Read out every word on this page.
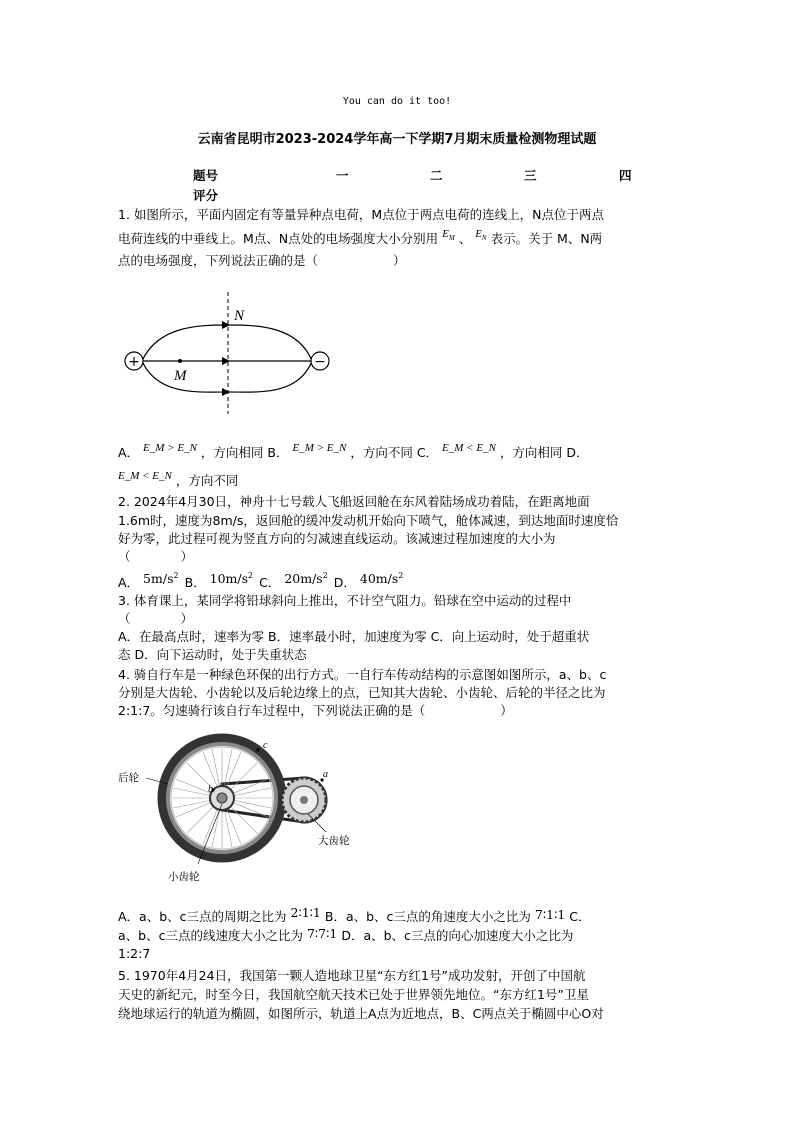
You can do it too!
云南省昆明市2023-2024学年高一下学期7月期末质量检测物理试题
题号	一	二	三	四
评分
1. 如图所示，平面内固定有等量异种点电荷，M点位于两点电荷的连线上，N点位于两点
电荷连线的中垂线上。M点、N点处的电场强度大小分别用 $E_M$ 、 $E_N$ 表示。关于 M、N两
点的电场强度，下列说法正确的是（　　　　　　）
+	−
M
N
A． E_M > E_N ，方向相同 B． E_M > E_N ，方向不同 C． E_M < E_N ，方向相同 D．
E_M < E_N ，方向不同
2. 2024年4月30日，神舟十七号载人飞船返回舱在东风着陆场成功着陆，在距离地面
1.6m时，速度为8m/s，返回舱的缓冲发动机开始向下喷气，舱体减速，到达地面时速度恰
好为零，此过程可视为竖直方向的匀减速直线运动。该减速过程加速度的大小为
（　　　　）
A． $5m/s^2$ B． $10m/s^2$ C． $20m/s^2$ D． $40m/s^2$
3. 体育课上，某同学将铅球斜向上推出，不计空气阻力。铅球在空中运动的过程中
（　　　　）
A．在最高点时，速率为零 B．速率最小时，加速度为零 C．向上运动时，处于超重状
态 D．向下运动时，处于失重状态
4. 骑自行车是一种绿色环保的出行方式。一自行车传动结构的示意图如图所示，a、b、c
分别是大齿轮、小齿轮以及后轮边缘上的点，已知其大齿轮、小齿轮、后轮的半径之比为
2:1:7。匀速骑行该自行车过程中，下列说法正确的是（　　　　　　）
b
a
c
后轮
大齿轮
小齿轮
A．a、b、c三点的周期之比为 2∶1∶1 B．a、b、c三点的角速度大小之比为 7∶1∶1 C．
a、b、c三点的线速度大小之比为 7∶7∶1 D．a、b、c三点的向心加速度大小之比为
1:2:7
5. 1970年4月24日，我国第一颗人造地球卫星“东方红1号”成功发射，开创了中国航
天史的新纪元，时至今日，我国航空航天技术已处于世界领先地位。“东方红1号”卫星
绕地球运行的轨道为椭圆，如图所示，轨道上A点为近地点，B、C两点关于椭圆中心O对
